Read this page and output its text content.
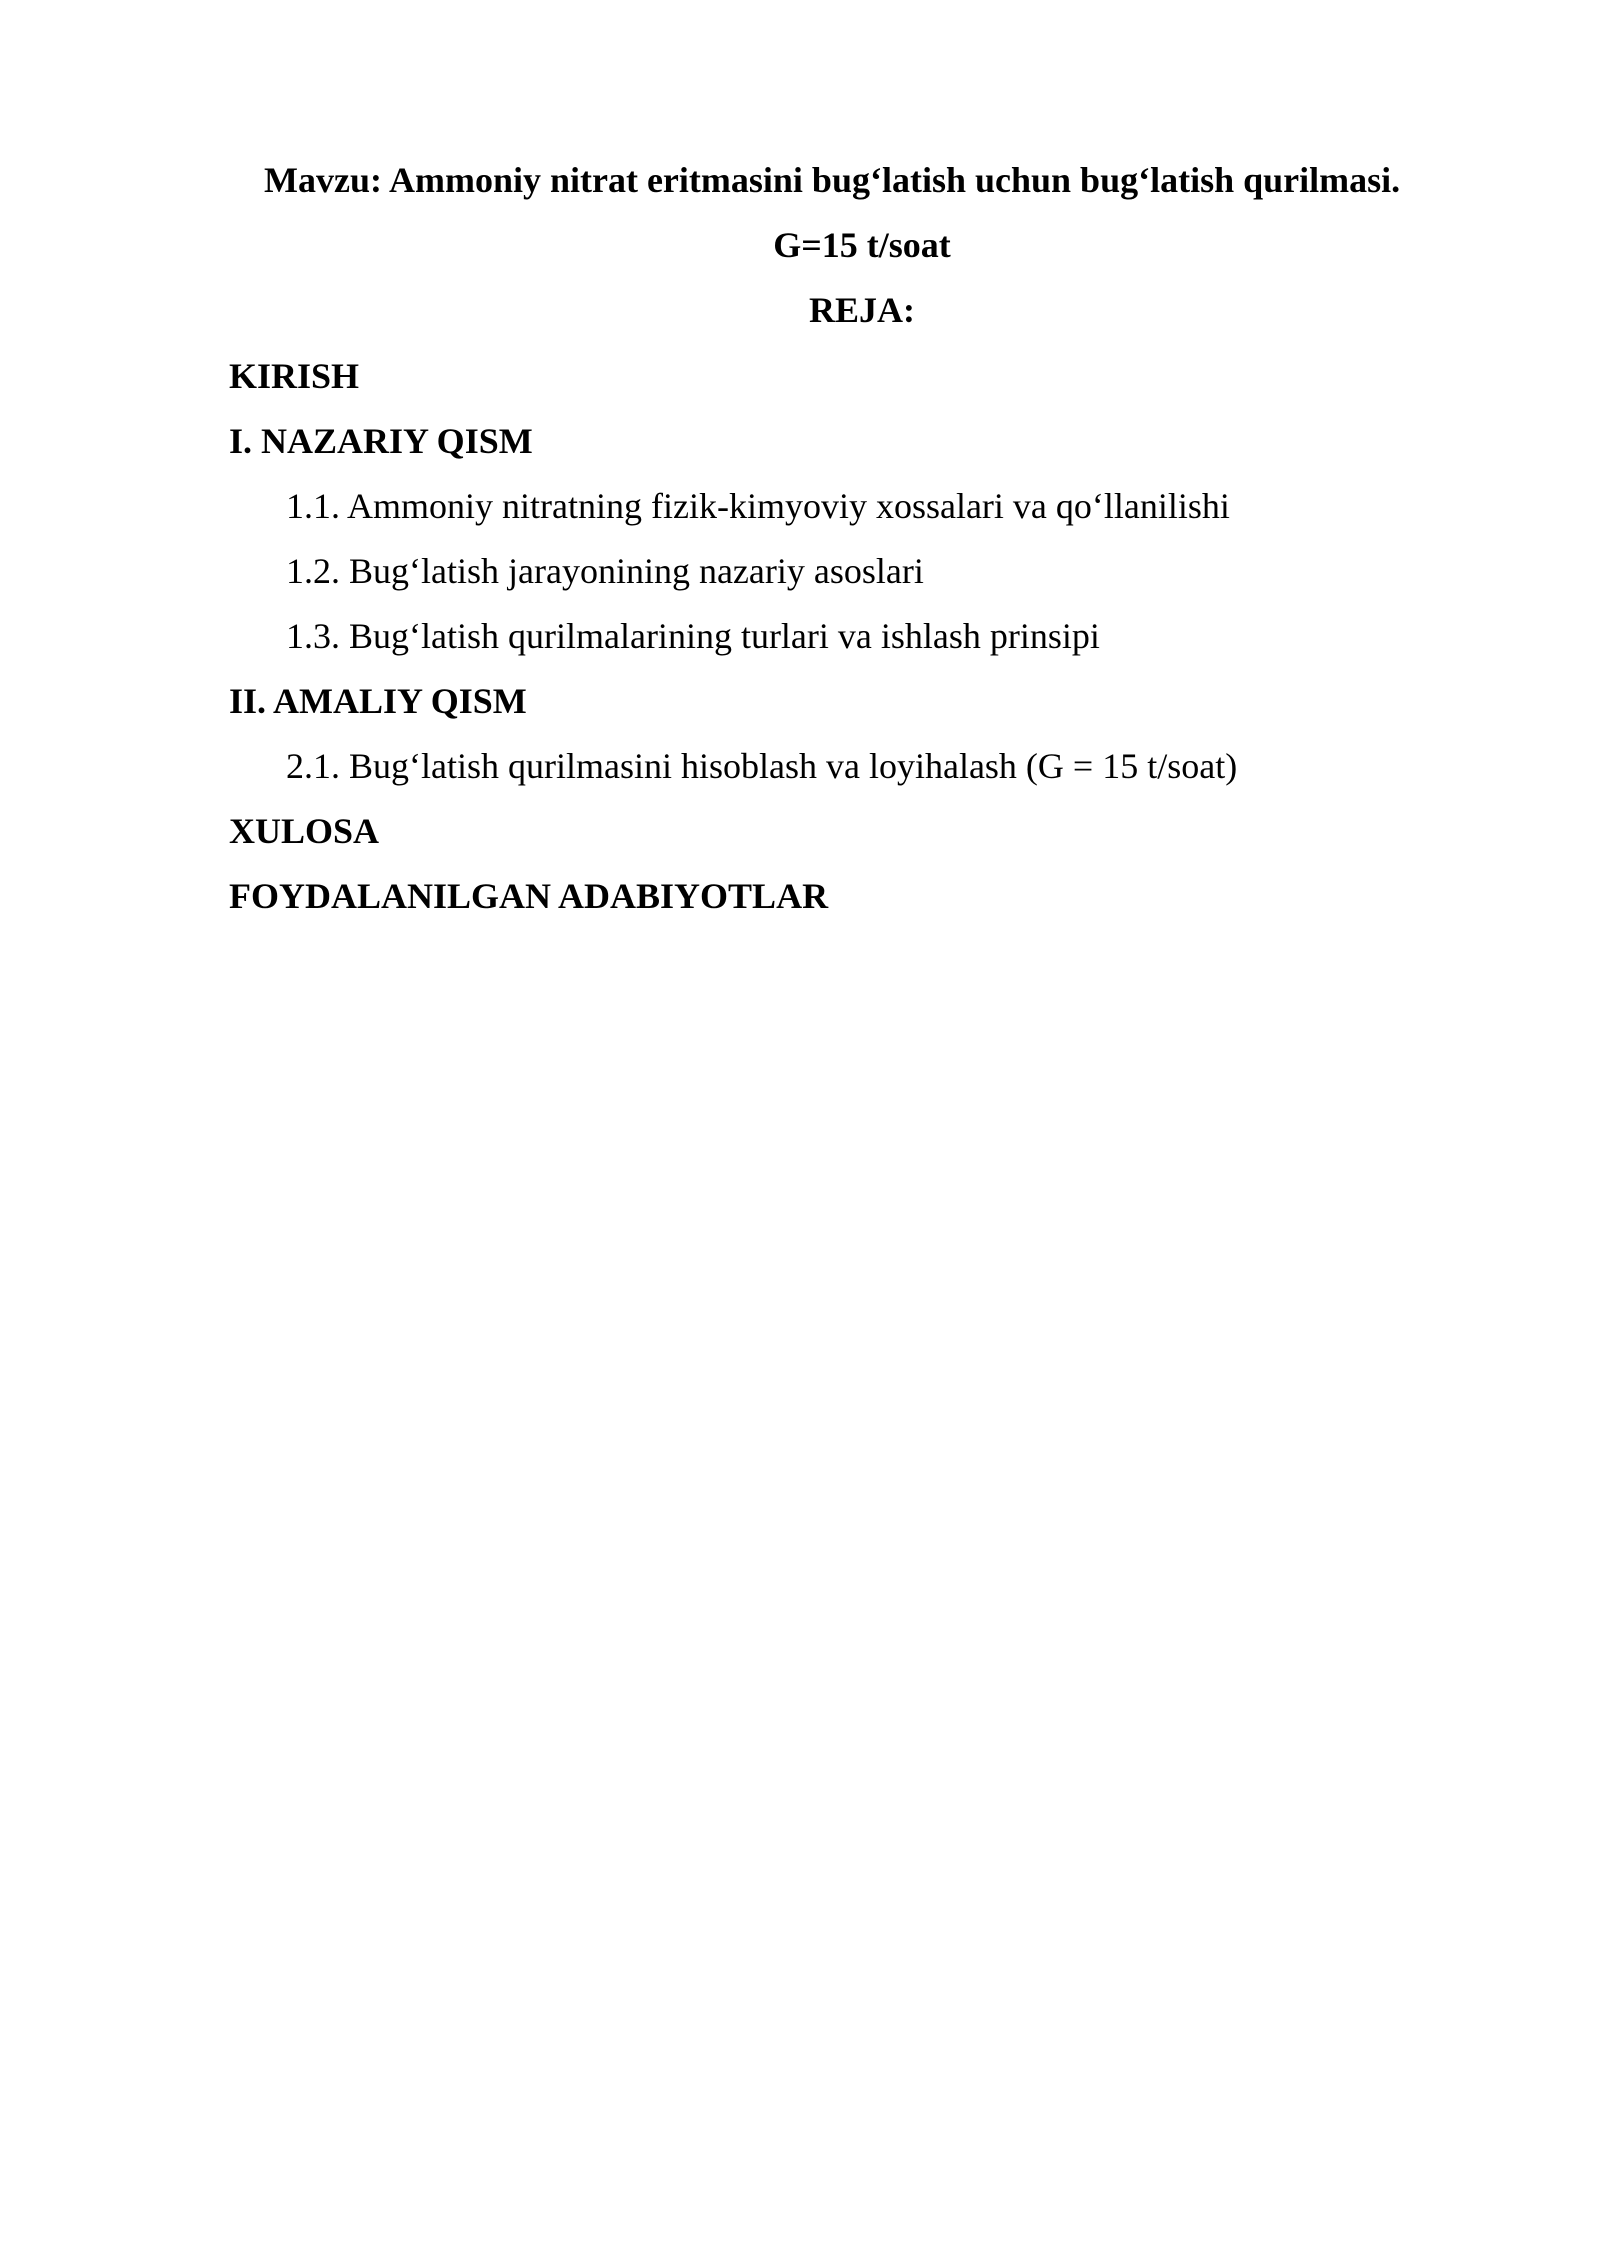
Mavzu: Ammoniy nitrat eritmasini bug‘latish uchun bug‘latish qurilmasi.
G=15 t/soat
REJA:
KIRISH
I. NAZARIY QISM
1.1. Ammoniy nitratning fizik-kimyoviy xossalari va qo‘llanilishi
1.2. Bug‘latish jarayonining nazariy asoslari
1.3. Bug‘latish qurilmalarining turlari va ishlash prinsipi
II. AMALIY QISM
2.1. Bug‘latish qurilmasini hisoblash va loyihalash (G = 15 t/soat)
XULOSA
FOYDALANILGAN ADABIYOTLAR
